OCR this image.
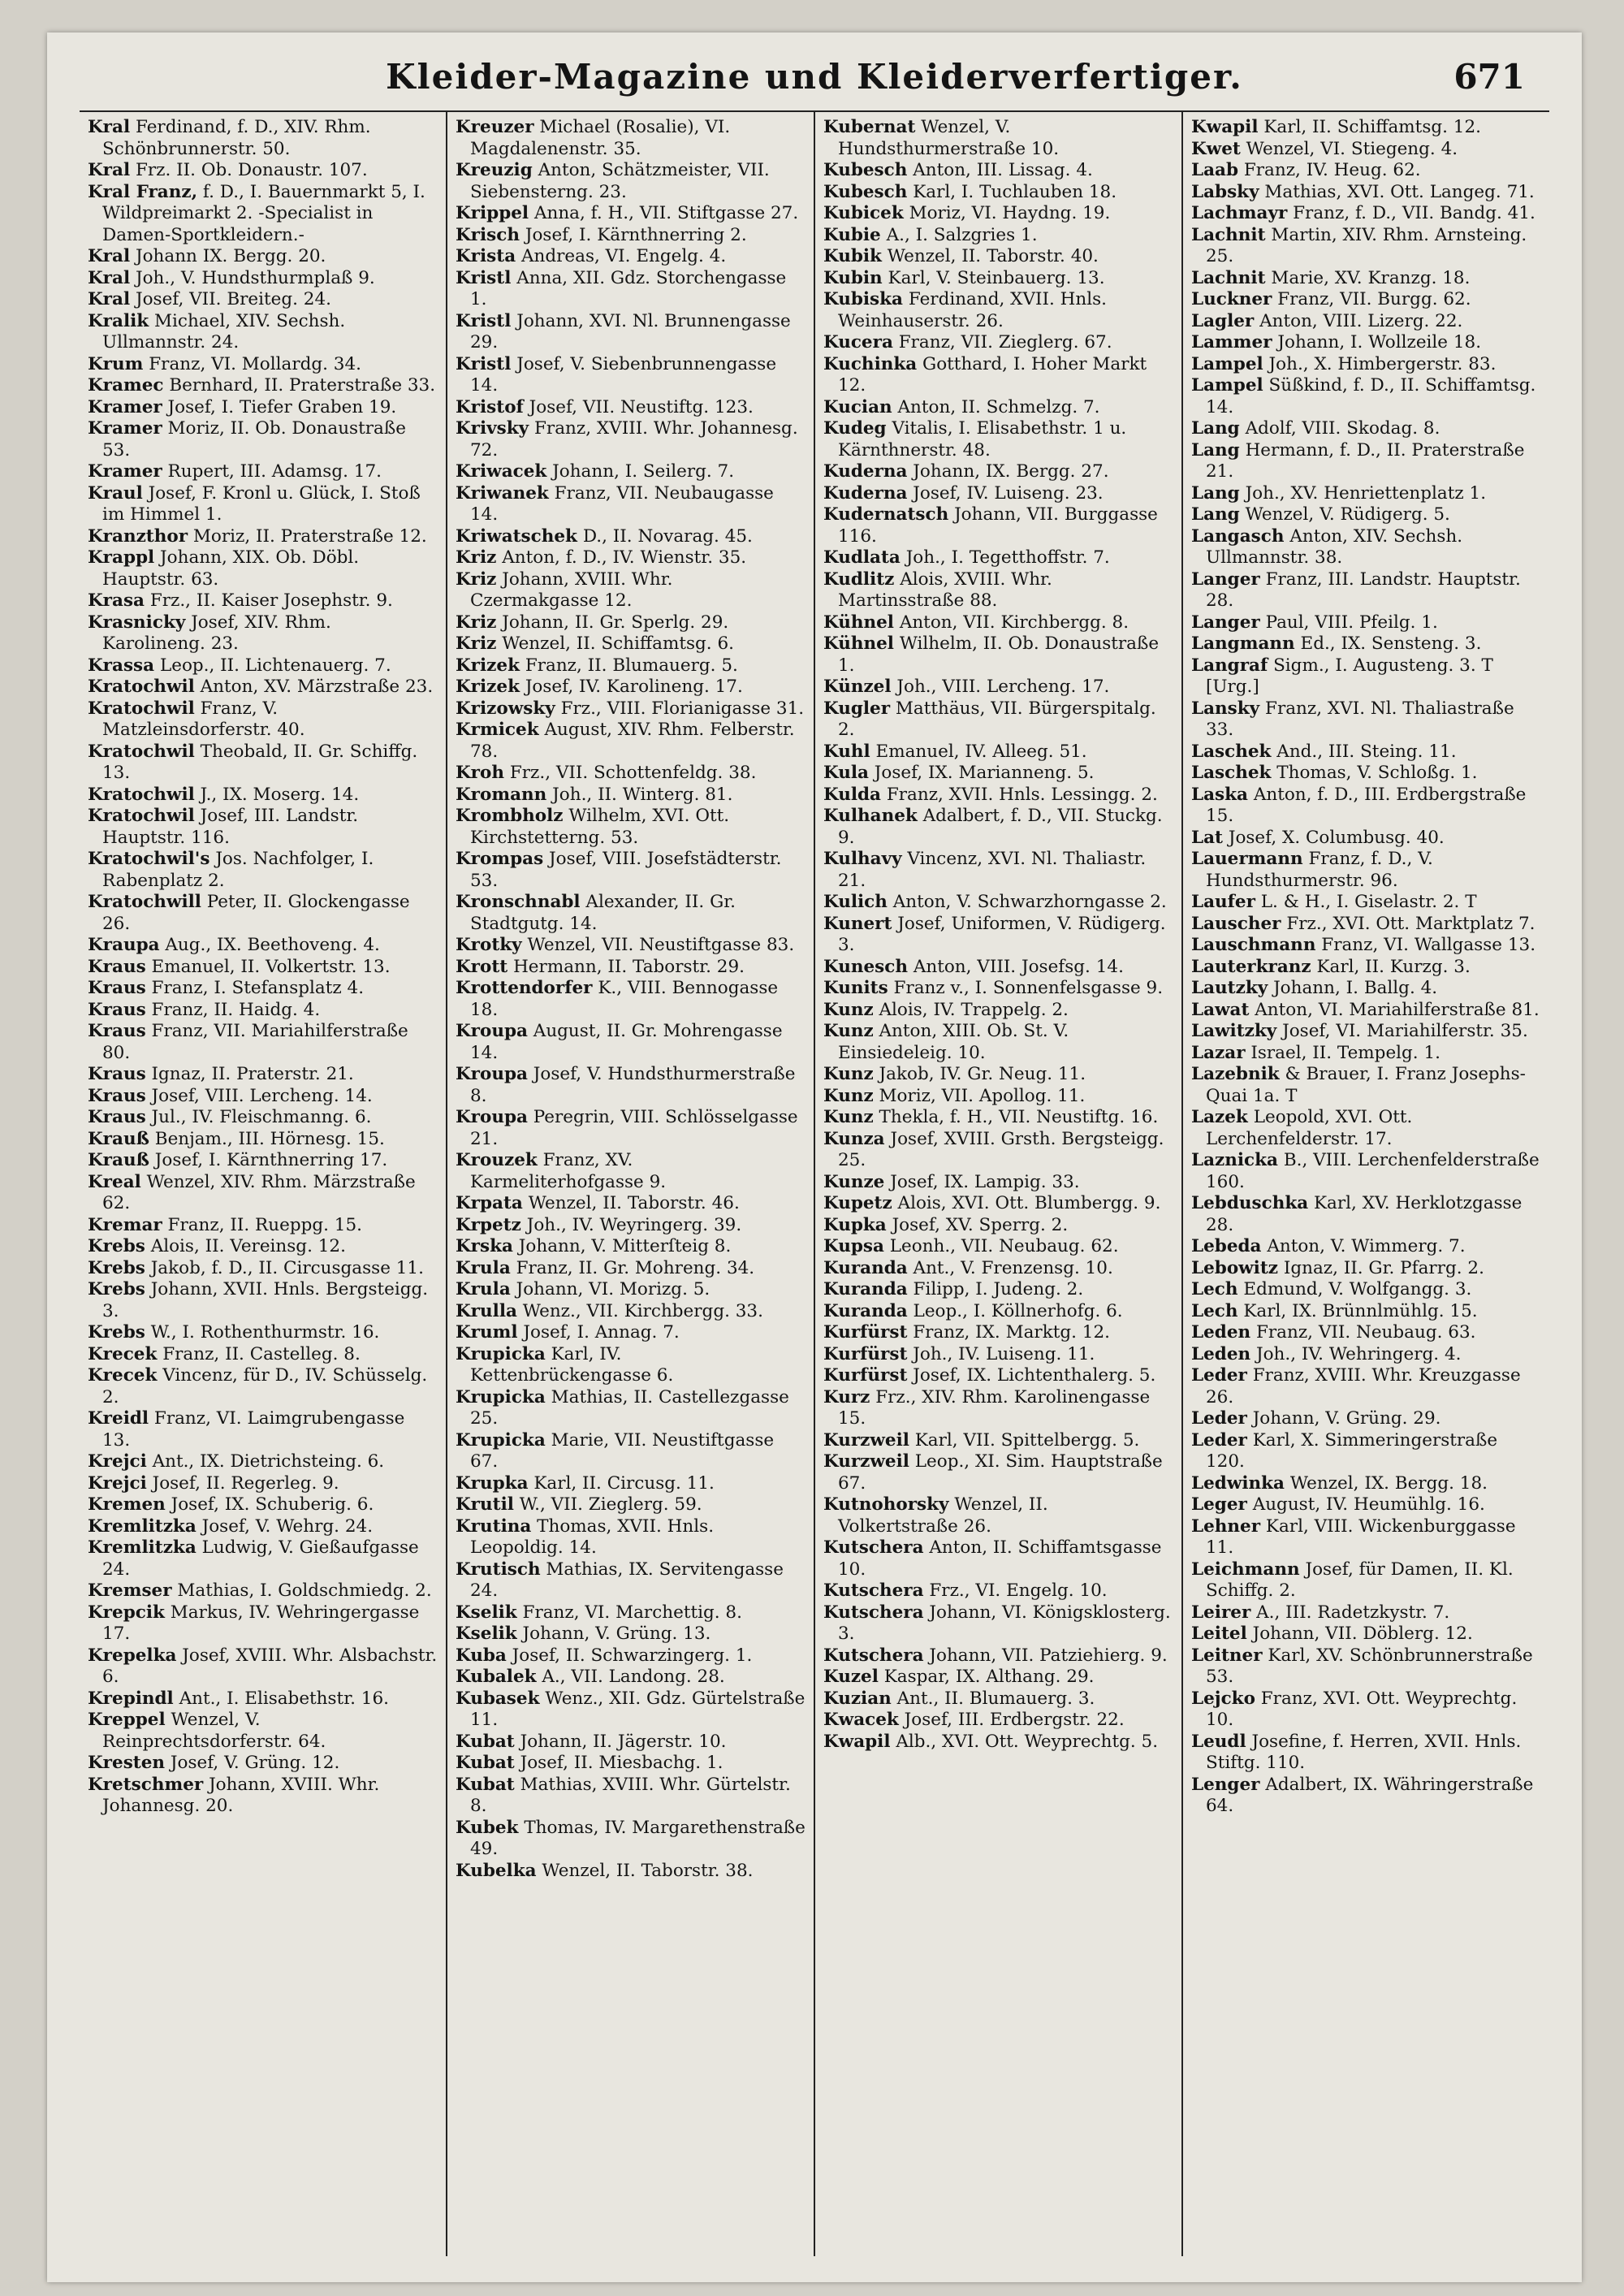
Kleider-Magazine und Kleiderverfertiger.	671
Kral Ferdinand, f. D., XIV. Rhm. Schönbrunnerstr. 50.
Kral Frz. II. Ob. Donaustr. 107.
Kral Franz, f. D., I. Bauernmarkt 5, I. Wildpreimarkt 2. -Specialist in Damen-Sportkleidern.-
Kral Johann IX. Bergg. 20.
Kral Joh., V. Hundsthurmplaß 9.
Kral Josef, VII. Breiteg. 24.
Kralik Michael, XIV. Sechsh. Ullmannstr. 24.
Krum Franz, VI. Mollardg. 34.
Kramec Bernhard, II. Praterstraße 33.
Kramer Josef, I. Tiefer Graben 19.
Kramer Moriz, II. Ob. Donaustraße 53.
Kramer Rupert, III. Adamsg. 17.
Kraul Josef, F. Kronl u. Glück, I. Stoß im Himmel 1.
Kranzthor Moriz, II. Praterstraße 12.
Krappl Johann, XIX. Ob. Döbl. Hauptstr. 63.
Krasa Frz., II. Kaiser Josephstr. 9.
Krasnicky Josef, XIV. Rhm. Karolineng. 23.
Krassa Leop., II. Lichtenauerg. 7.
Kratochwil Anton, XV. Märzstraße 23.
Kratochwil Franz, V. Matzleinsdorferstr. 40.
Kratochwil Theobald, II. Gr. Schiffg. 13.
Kratochwil J., IX. Moserg. 14.
Kratochwil Josef, III. Landstr. Hauptstr. 116.
Kratochwil's Jos. Nachfolger, I. Rabenplatz 2.
Kratochwill Peter, II. Glockengasse 26.
Kraupa Aug., IX. Beethoveng. 4.
Kraus Emanuel, II. Volkertstr. 13.
Kraus Franz, I. Stefansplatz 4.
Kraus Franz, II. Haidg. 4.
Kraus Franz, VII. Mariahilferstraße 80.
Kraus Ignaz, II. Praterstr. 21.
Kraus Josef, VIII. Lercheng. 14.
Kraus Jul., IV. Fleischmanng. 6.
Krauß Benjam., III. Hörnesg. 15.
Krauß Josef, I. Kärnthnerring 17.
Kreal Wenzel, XIV. Rhm. Märzstraße 62.
Kremar Franz, II. Rueppg. 15.
Krebs Alois, II. Vereinsg. 12.
Krebs Jakob, f. D., II. Circusgasse 11.
Krebs Johann, XVII. Hnls. Bergsteigg. 3.
Krebs W., I. Rothenthurmstr. 16.
Krecek Franz, II. Castelleg. 8.
Krecek Vincenz, für D., IV. Schüsselg. 2.
Kreidl Franz, VI. Laimgrubengasse 13.
Krejci Ant., IX. Dietrichsteing. 6.
Krejci Josef, II. Regerleg. 9.
Kremen Josef, IX. Schuberig. 6.
Kremlitzka Josef, V. Wehrg. 24.
Kremlitzka Ludwig, V. Gießaufgasse 24.
Kremser Mathias, I. Goldschmiedg. 2.
Krepcik Markus, IV. Wehringergasse 17.
Krepelka Josef, XVIII. Whr. Alsbachstr. 6.
Krepindl Ant., I. Elisabethstr. 16.
Kreppel Wenzel, V. Reinprechtsdorferstr. 64.
Kresten Josef, V. Grüng. 12.
Kretschmer Johann, XVIII. Whr. Johannesg. 20.
Kreuzer Michael (Rosalie), VI. Magdalenenstr. 35.
Kreuzig Anton, Schätzmeister, VII. Siebensterng. 23.
Krippel Anna, f. H., VII. Stiftgasse 27.
Krisch Josef, I. Kärnthnerring 2.
Krista Andreas, VI. Engelg. 4.
Kristl Anna, XII. Gdz. Storchengasse 1.
Kristl Johann, XVI. Nl. Brunnengasse 29.
Kristl Josef, V. Siebenbrunnengasse 14.
Kristof Josef, VII. Neustiftg. 123.
Krivsky Franz, XVIII. Whr. Johannesg. 72.
Kriwacek Johann, I. Seilerg. 7.
Kriwanek Franz, VII. Neubaugasse 14.
Kriwatschek D., II. Novarag. 45.
Kriz Anton, f. D., IV. Wienstr. 35.
Kriz Johann, XVIII. Whr. Czermakgasse 12.
Kriz Johann, II. Gr. Sperlg. 29.
Kriz Wenzel, II. Schiffamtsg. 6.
Krizek Franz, II. Blumauerg. 5.
Krizek Josef, IV. Karolineng. 17.
Krizowsky Frz., VIII. Florianigasse 31.
Krmicek August, XIV. Rhm. Felberstr. 78.
Kroh Frz., VII. Schottenfeldg. 38.
Kromann Joh., II. Winterg. 81.
Krombholz Wilhelm, XVI. Ott. Kirchstetterng. 53.
Krompas Josef, VIII. Josefstädterstr. 53.
Kronschnabl Alexander, II. Gr. Stadtgutg. 14.
Krotky Wenzel, VII. Neustiftgasse 83.
Krott Hermann, II. Taborstr. 29.
Krottendorfer K., VIII. Bennogasse 18.
Kroupa August, II. Gr. Mohrengasse 14.
Kroupa Josef, V. Hundsthurmerstraße 8.
Kroupa Peregrin, VIII. Schlösselgasse 21.
Krouzek Franz, XV. Karmeliterhofgasse 9.
Krpata Wenzel, II. Taborstr. 46.
Krpetz Joh., IV. Weyringerg. 39.
Krska Johann, V. Mitterſteig 8.
Krula Franz, II. Gr. Mohreng. 34.
Krula Johann, VI. Morizg. 5.
Krulla Wenz., VII. Kirchbergg. 33.
Kruml Josef, I. Annag. 7.
Krupicka Karl, IV. Kettenbrückengasse 6.
Krupicka Mathias, II. Castellezgasse 25.
Krupicka Marie, VII. Neustiftgasse 67.
Krupka Karl, II. Circusg. 11.
Krutil W., VII. Zieglerg. 59.
Krutina Thomas, XVII. Hnls. Leopoldig. 14.
Krutisch Mathias, IX. Servitengasse 24.
Kselik Franz, VI. Marchettig. 8.
Kselik Johann, V. Grüng. 13.
Kuba Josef, II. Schwarzingerg. 1.
Kubalek A., VII. Landong. 28.
Kubasek Wenz., XII. Gdz. Gürtelstraße 11.
Kubat Johann, II. Jägerstr. 10.
Kubat Josef, II. Miesbachg. 1.
Kubat Mathias, XVIII. Whr. Gürtelstr. 8.
Kubek Thomas, IV. Margarethenstraße 49.
Kubelka Wenzel, II. Taborstr. 38.
Kubernat Wenzel, V. Hundsthurmerstraße 10.
Kubesch Anton, III. Lissag. 4.
Kubesch Karl, I. Tuchlauben 18.
Kubicek Moriz, VI. Haydng. 19.
Kubie A., I. Salzgries 1.
Kubik Wenzel, II. Taborstr. 40.
Kubin Karl, V. Steinbauerg. 13.
Kubiska Ferdinand, XVII. Hnls. Weinhauserstr. 26.
Kucera Franz, VII. Zieglerg. 67.
Kuchinka Gotthard, I. Hoher Markt 12.
Kucian Anton, II. Schmelzg. 7.
Kudeg Vitalis, I. Elisabethstr. 1 u. Kärnthnerstr. 48.
Kuderna Johann, IX. Bergg. 27.
Kuderna Josef, IV. Luiseng. 23.
Kudernatsch Johann, VII. Burggasse 116.
Kudlata Joh., I. Tegetthoffstr. 7.
Kudlitz Alois, XVIII. Whr. Martinsstraße 88.
Kühnel Anton, VII. Kirchbergg. 8.
Kühnel Wilhelm, II. Ob. Donaustraße 1.
Künzel Joh., VIII. Lercheng. 17.
Kugler Matthäus, VII. Bürgerspitalg. 2.
Kuhl Emanuel, IV. Alleeg. 51.
Kula Josef, IX. Marianneng. 5.
Kulda Franz, XVII. Hnls. Lessingg. 2.
Kulhanek Adalbert, f. D., VII. Stuckg. 9.
Kulhavy Vincenz, XVI. Nl. Thaliastr. 21.
Kulich Anton, V. Schwarzhorngasse 2.
Kunert Josef, Uniformen, V. Rüdigerg. 3.
Kunesch Anton, VIII. Josefsg. 14.
Kunits Franz v., I. Sonnenfelsgasse 9.
Kunz Alois, IV. Trappelg. 2.
Kunz Anton, XIII. Ob. St. V. Einsiedeleig. 10.
Kunz Jakob, IV. Gr. Neug. 11.
Kunz Moriz, VII. Apollog. 11.
Kunz Thekla, f. H., VII. Neustiftg. 16.
Kunza Josef, XVIII. Grsth. Bergsteigg. 25.
Kunze Josef, IX. Lampig. 33.
Kupetz Alois, XVI. Ott. Blumbergg. 9.
Kupka Josef, XV. Sperrg. 2.
Kupsa Leonh., VII. Neubaug. 62.
Kuranda Ant., V. Frenzensg. 10.
Kuranda Filipp, I. Judeng. 2.
Kuranda Leop., I. Köllnerhofg. 6.
Kurfürst Franz, IX. Marktg. 12.
Kurfürst Joh., IV. Luiseng. 11.
Kurfürst Josef, IX. Lichtenthalerg. 5.
Kurz Frz., XIV. Rhm. Karolinengasse 15.
Kurzweil Karl, VII. Spittelbergg. 5.
Kurzweil Leop., XI. Sim. Hauptstraße 67.
Kutnohorsky Wenzel, II. Volkertstraße 26.
Kutschera Anton, II. Schiffamtsgasse 10.
Kutschera Frz., VI. Engelg. 10.
Kutschera Johann, VI. Königsklosterg. 3.
Kutschera Johann, VII. Patziehierg. 9.
Kuzel Kaspar, IX. Althang. 29.
Kuzian Ant., II. Blumauerg. 3.
Kwacek Josef, III. Erdbergstr. 22.
Kwapil Alb., XVI. Ott. Weyprechtg. 5.
Kwapil Karl, II. Schiffamtsg. 12.
Kwet Wenzel, VI. Stiegeng. 4.
Laab Franz, IV. Heug. 62.
Labsky Mathias, XVI. Ott. Langeg. 71.
Lachmayr Franz, f. D., VII. Bandg. 41.
Lachnit Martin, XIV. Rhm. Arnsteing. 25.
Lachnit Marie, XV. Kranzg. 18.
Luckner Franz, VII. Burgg. 62.
Lagler Anton, VIII. Lizerg. 22.
Lammer Johann, I. Wollzeile 18.
Lampel Joh., X. Himbergerstr. 83.
Lampel Süßkind, f. D., II. Schiffamtsg. 14.
Lang Adolf, VIII. Skodag. 8.
Lang Hermann, f. D., II. Praterstraße 21.
Lang Joh., XV. Henriettenplatz 1.
Lang Wenzel, V. Rüdigerg. 5.
Langasch Anton, XIV. Sechsh. Ullmannstr. 38.
Langer Franz, III. Landstr. Hauptstr. 28.
Langer Paul, VIII. Pfeilg. 1.
Langmann Ed., IX. Sensteng. 3.
Langraf Sigm., I. Augusteng. 3. T [Urg.]
Lansky Franz, XVI. Nl. Thaliastraße 33.
Laschek And., III. Steing. 11.
Laschek Thomas, V. Schloßg. 1.
Laska Anton, f. D., III. Erdbergstraße 15.
Lat Josef, X. Columbusg. 40.
Lauermann Franz, f. D., V. Hundsthurmerstr. 96.
Laufer L. & H., I. Giselastr. 2. T
Lauscher Frz., XVI. Ott. Marktplatz 7.
Lauschmann Franz, VI. Wallgasse 13.
Lauterkranz Karl, II. Kurzg. 3.
Lautzky Johann, I. Ballg. 4.
Lawat Anton, VI. Mariahilferstraße 81.
Lawitzky Josef, VI. Mariahilferstr. 35.
Lazar Israel, II. Tempelg. 1.
Lazebnik & Brauer, I. Franz Josephs-Quai 1a. T
Lazek Leopold, XVI. Ott. Lerchenfelderstr. 17.
Laznicka B., VIII. Lerchenfelderstraße 160.
Lebduschka Karl, XV. Herklotzgasse 28.
Lebeda Anton, V. Wimmerg. 7.
Lebowitz Ignaz, II. Gr. Pfarrg. 2.
Lech Edmund, V. Wolfgangg. 3.
Lech Karl, IX. Brünnlmühlg. 15.
Leden Franz, VII. Neubaug. 63.
Leden Joh., IV. Wehringerg. 4.
Leder Franz, XVIII. Whr. Kreuzgasse 26.
Leder Johann, V. Grüng. 29.
Leder Karl, X. Simmeringerstraße 120.
Ledwinka Wenzel, IX. Bergg. 18.
Leger August, IV. Heumühlg. 16.
Lehner Karl, VIII. Wickenburggasse 11.
Leichmann Josef, für Damen, II. Kl. Schiffg. 2.
Leirer A., III. Radetzkystr. 7.
Leitel Johann, VII. Döblerg. 12.
Leitner Karl, XV. Schönbrunnerstraße 53.
Lejcko Franz, XVI. Ott. Weyprechtg. 10.
Leudl Josefine, f. Herren, XVII. Hnls. Stiftg. 110.
Lenger Adalbert, IX. Währingerstraße 64.
